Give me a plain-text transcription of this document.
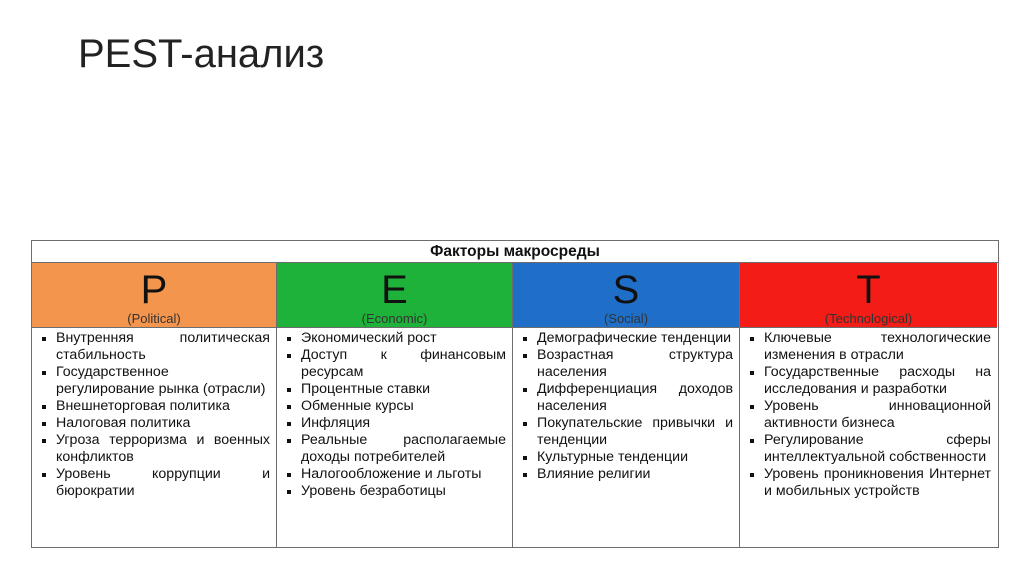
PEST-анализ
Факторы макросреды
P
(Political)
Внутренняя политическая стабильность
Государственное регулирование рынка (отрасли)
Внешнеторговая политика
Налоговая политика
Угроза терроризма и военных конфликтов
Уровень коррупции и бюрократии
E
(Economic)
Экономический рост
Доступ к финансовым ресурсам
Процентные ставки
Обменные курсы
Инфляция
Реальные располагаемые доходы потребителей
Налогообложение и льготы
Уровень безработицы
S
(Social)
Демографические тенденции
Возрастная структура населения
Дифференциация доходов населения
Покупательские привычки и тенденции
Культурные тенденции
Влияние религии
T
(Technological)
Ключевые технологические изменения в отрасли
Государственные расходы на исследования и разработки
Уровень инновационной активности бизнеса
Регулирование сферы интеллектуальной собственности
Уровень проникновения Интернет и мобильных устройств
